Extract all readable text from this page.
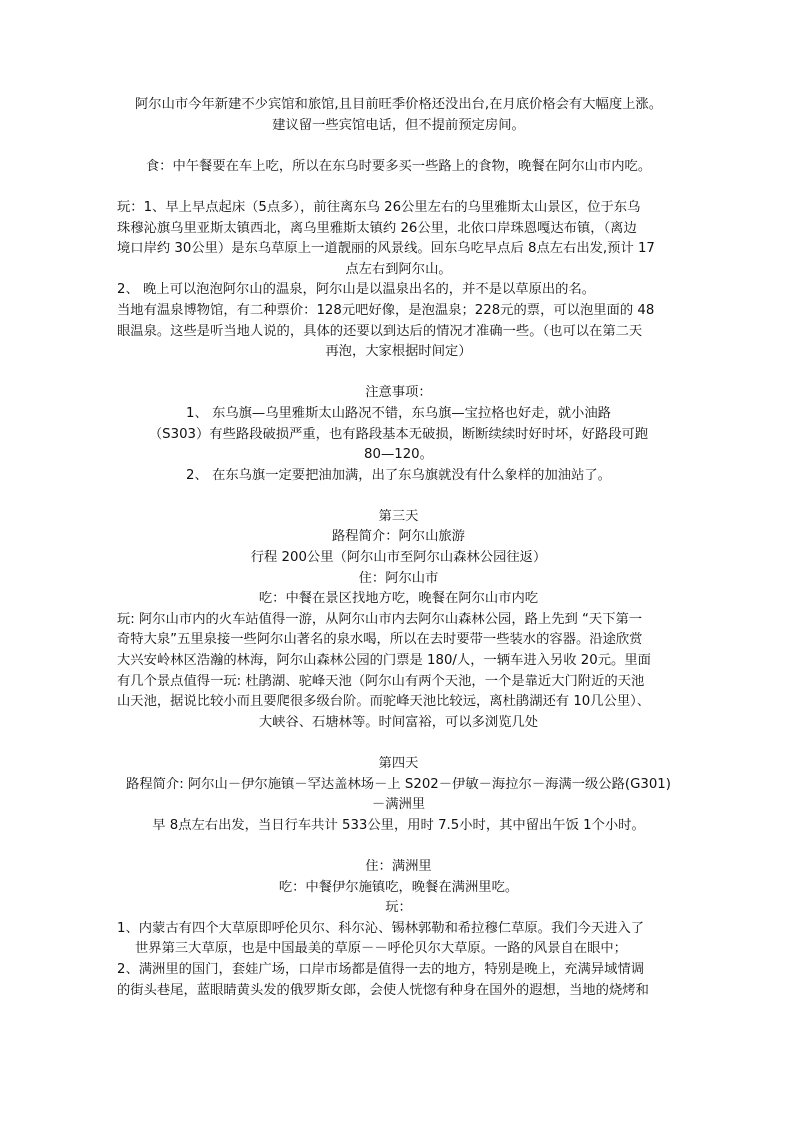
阿尔山市今年新建不少宾馆和旅馆,且目前旺季价格还没出台,在月底价格会有大幅度上涨。
建议留一些宾馆电话，但不提前预定房间。
食：中午餐要在车上吃，所以在东乌时要多买一些路上的食物，晚餐在阿尔山市内吃。
玩：1、早上早点起床（5点多），前往离东乌 26公里左右的乌里雅斯太山景区，位于东乌
珠穆沁旗乌里亚斯太镇西北，离乌里雅斯太镇约 26公里，北依口岸珠恩嘎达布镇，（离边
境口岸约 30公里）是东乌草原上一道靓丽的风景线。回东乌吃早点后 8点左右出发,预计 17
点左右到阿尔山。
2、 晚上可以泡泡阿尔山的温泉，阿尔山是以温泉出名的，并不是以草原出的名。
当地有温泉博物馆，有二种票价：128元吧好像，是泡温泉；228元的票，可以泡里面的 48
眼温泉。这些是听当地人说的，具体的还要以到达后的情况才准确一些。（也可以在第二天
再泡，大家根据时间定）
注意事项：
1、 东乌旗—乌里雅斯太山路况不错，东乌旗—宝拉格也好走，就小油路
（S303）有些路段破损严重，也有路段基本无破损，断断续续时好时坏，好路段可跑
80—120。
2、 在东乌旗一定要把油加满，出了东乌旗就没有什么象样的加油站了。
第三天
路程简介：阿尔山旅游
行程 200公里（阿尔山市至阿尔山森林公园往返）
住：阿尔山市
吃：中餐在景区找地方吃，晚餐在阿尔山市内吃
玩: 阿尔山市内的火车站值得一游，从阿尔山市内去阿尔山森林公园，路上先到 “天下第一
奇特大泉”五里泉接一些阿尔山著名的泉水喝，所以在去时要带一些装水的容器。沿途欣赏
大兴安岭林区浩瀚的林海，阿尔山森林公园的门票是 180/人，一辆车进入另收 20元。里面
有几个景点值得一玩: 杜鹃湖、驼峰天池（阿尔山有两个天池，一个是靠近大门附近的天池
山天池，据说比较小而且要爬很多级台阶。而驼峰天池比较远，离杜鹃湖还有 10几公里）、
大峡谷、石塘林等。时间富裕，可以多浏览几处
第四天
路程简介: 阿尔山－伊尔施镇－罕达盖林场－上 S202－伊敏－海拉尔－海满一级公路(G301)
－满洲里
早 8点左右出发，当日行车共计 533公里，用时 7.5小时，其中留出午饭 1个小时。
住：满洲里
吃：中餐伊尔施镇吃，晚餐在满洲里吃。
玩：
1、内蒙古有四个大草原即呼伦贝尔、科尔沁、锡林郭勒和希拉穆仁草原。我们今天进入了
世界第三大草原，也是中国最美的草原－－呼伦贝尔大草原。一路的风景自在眼中；
2、满洲里的国门，套娃广场，口岸市场都是值得一去的地方，特别是晚上，充满异域情调
的街头巷尾，蓝眼睛黄头发的俄罗斯女郎，会使人恍惚有种身在国外的遐想，当地的烧烤和
